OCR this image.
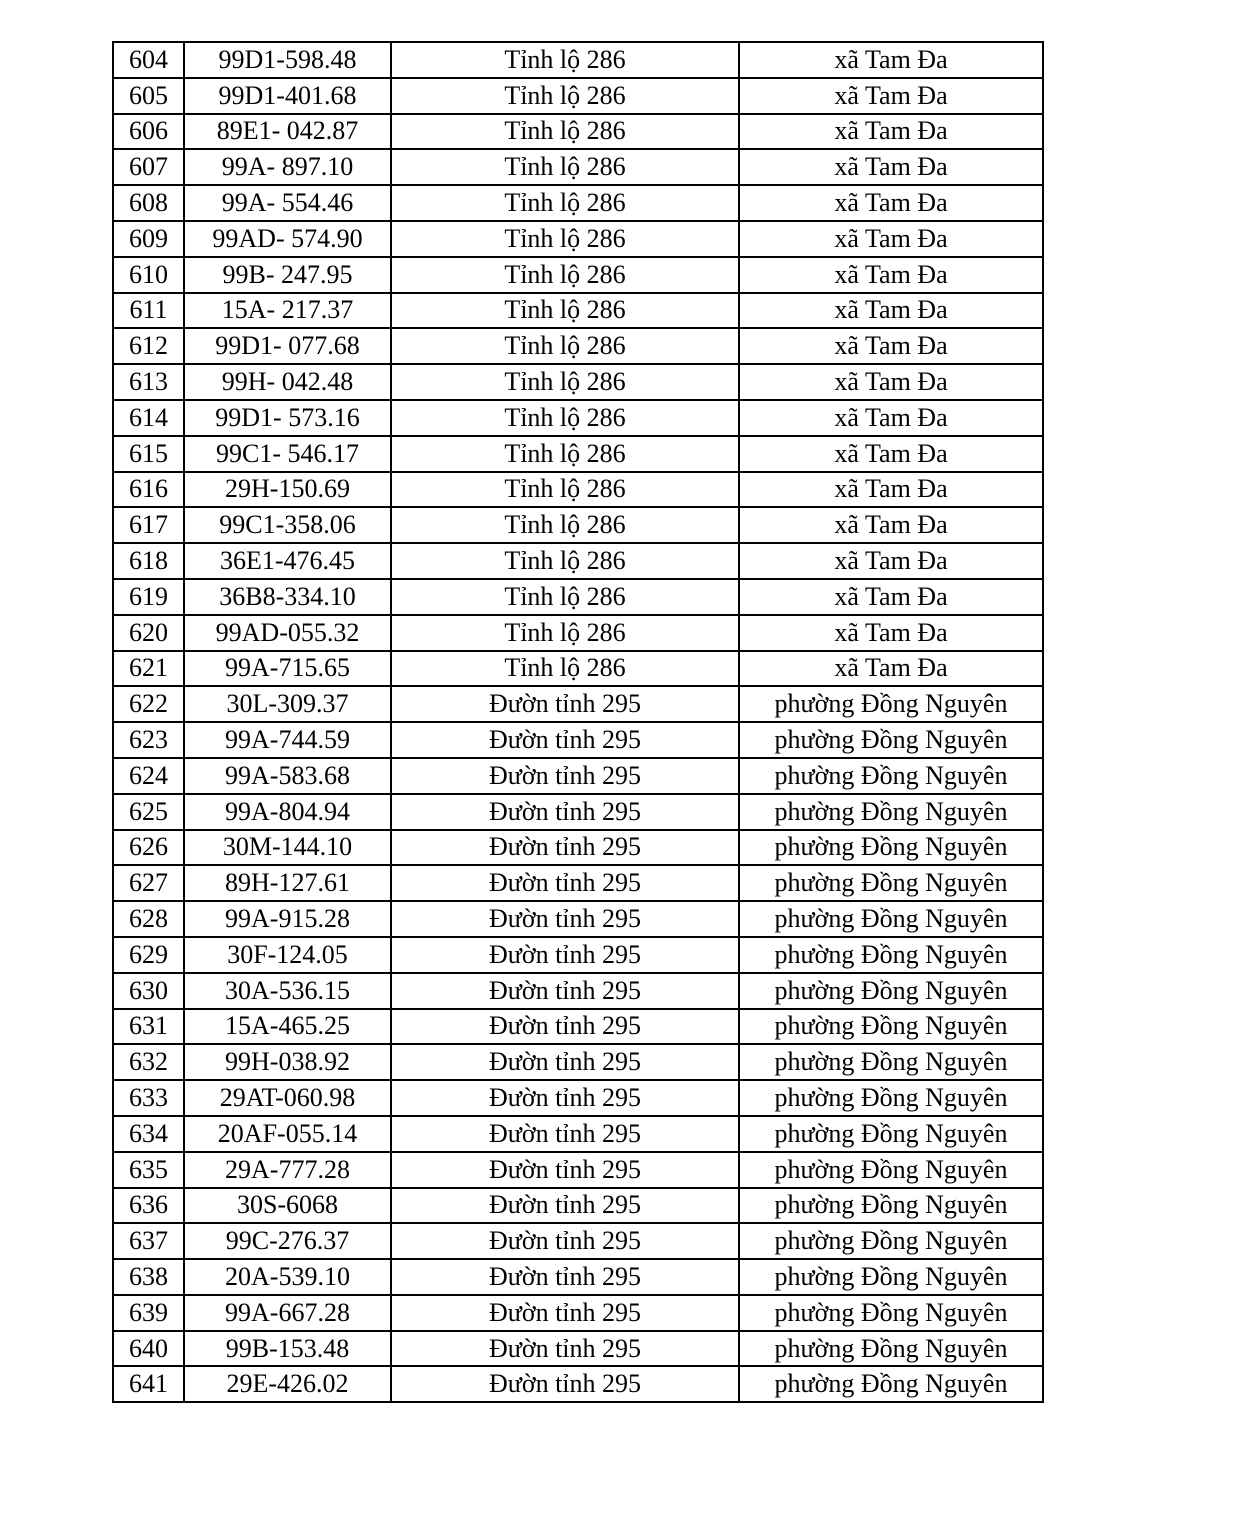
604	99D1-598.48	Tỉnh lộ 286	xã Tam Đa
605	99D1-401.68	Tỉnh lộ 286	xã Tam Đa
606	89E1- 042.87	Tỉnh lộ 286	xã Tam Đa
607	99A- 897.10	Tỉnh lộ 286	xã Tam Đa
608	99A- 554.46	Tỉnh lộ 286	xã Tam Đa
609	99AD- 574.90	Tỉnh lộ 286	xã Tam Đa
610	99B- 247.95	Tỉnh lộ 286	xã Tam Đa
611	15A- 217.37	Tỉnh lộ 286	xã Tam Đa
612	99D1- 077.68	Tỉnh lộ 286	xã Tam Đa
613	99H- 042.48	Tỉnh lộ 286	xã Tam Đa
614	99D1- 573.16	Tỉnh lộ 286	xã Tam Đa
615	99C1- 546.17	Tỉnh lộ 286	xã Tam Đa
616	29H-150.69	Tỉnh lộ 286	xã Tam Đa
617	99C1-358.06	Tỉnh lộ 286	xã Tam Đa
618	36E1-476.45	Tỉnh lộ 286	xã Tam Đa
619	36B8-334.10	Tỉnh lộ 286	xã Tam Đa
620	99AD-055.32	Tỉnh lộ 286	xã Tam Đa
621	99A-715.65	Tỉnh lộ 286	xã Tam Đa
622	30L-309.37	Đườn tỉnh 295	phường Đồng Nguyên
623	99A-744.59	Đườn tỉnh 295	phường Đồng Nguyên
624	99A-583.68	Đườn tỉnh 295	phường Đồng Nguyên
625	99A-804.94	Đườn tỉnh 295	phường Đồng Nguyên
626	30M-144.10	Đườn tỉnh 295	phường Đồng Nguyên
627	89H-127.61	Đườn tỉnh 295	phường Đồng Nguyên
628	99A-915.28	Đườn tỉnh 295	phường Đồng Nguyên
629	30F-124.05	Đườn tỉnh 295	phường Đồng Nguyên
630	30A-536.15	Đườn tỉnh 295	phường Đồng Nguyên
631	15A-465.25	Đườn tỉnh 295	phường Đồng Nguyên
632	99H-038.92	Đườn tỉnh 295	phường Đồng Nguyên
633	29AT-060.98	Đườn tỉnh 295	phường Đồng Nguyên
634	20AF-055.14	Đườn tỉnh 295	phường Đồng Nguyên
635	29A-777.28	Đườn tỉnh 295	phường Đồng Nguyên
636	30S-6068	Đườn tỉnh 295	phường Đồng Nguyên
637	99C-276.37	Đườn tỉnh 295	phường Đồng Nguyên
638	20A-539.10	Đườn tỉnh 295	phường Đồng Nguyên
639	99A-667.28	Đườn tỉnh 295	phường Đồng Nguyên
640	99B-153.48	Đườn tỉnh 295	phường Đồng Nguyên
641	29E-426.02	Đườn tỉnh 295	phường Đồng Nguyên
